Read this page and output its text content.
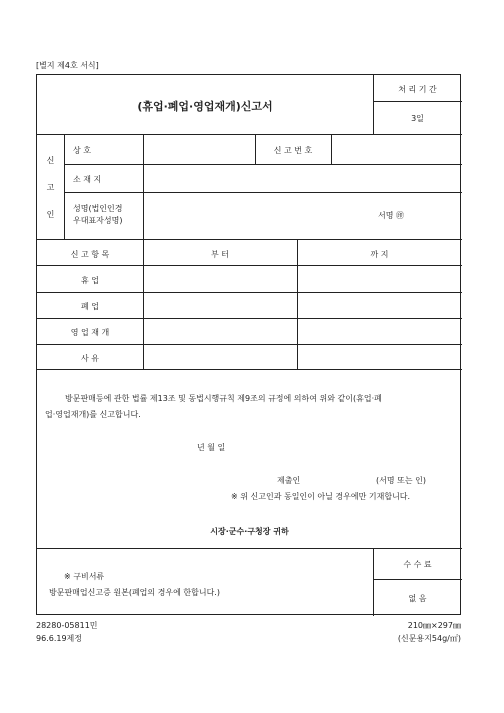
[별지 제4호 서식]
(휴업·폐업·영업재개)신고서
처 리 기 간
3일
신
고
인
상 호	신 고 번 호
소 재 지
성명(법인인경
우대표자성명)
서명 ㊞
신 고 항 목	부 터	까 지
휴 업
폐 업
영 업 재 개
사 유
방문판매등에 관한 법률 제13조 및 동법시행규칙 제9조의 규정에 의하여 위와 같이(휴업·폐
업·영업재개)를 신고합니다.
년 월 일
제출인	(서명 또는 인)
※ 위 신고인과 동일인이 아닐 경우에만 기재합니다.
시장·군수·구청장 귀하
※ 구비서류
방문판매업신고증 원본(폐업의 경우에 한합니다.)
수 수 료
없 음
28280-05811민
96.6.19제정
210㎜×297㎜
(신문용지54g/㎡)
